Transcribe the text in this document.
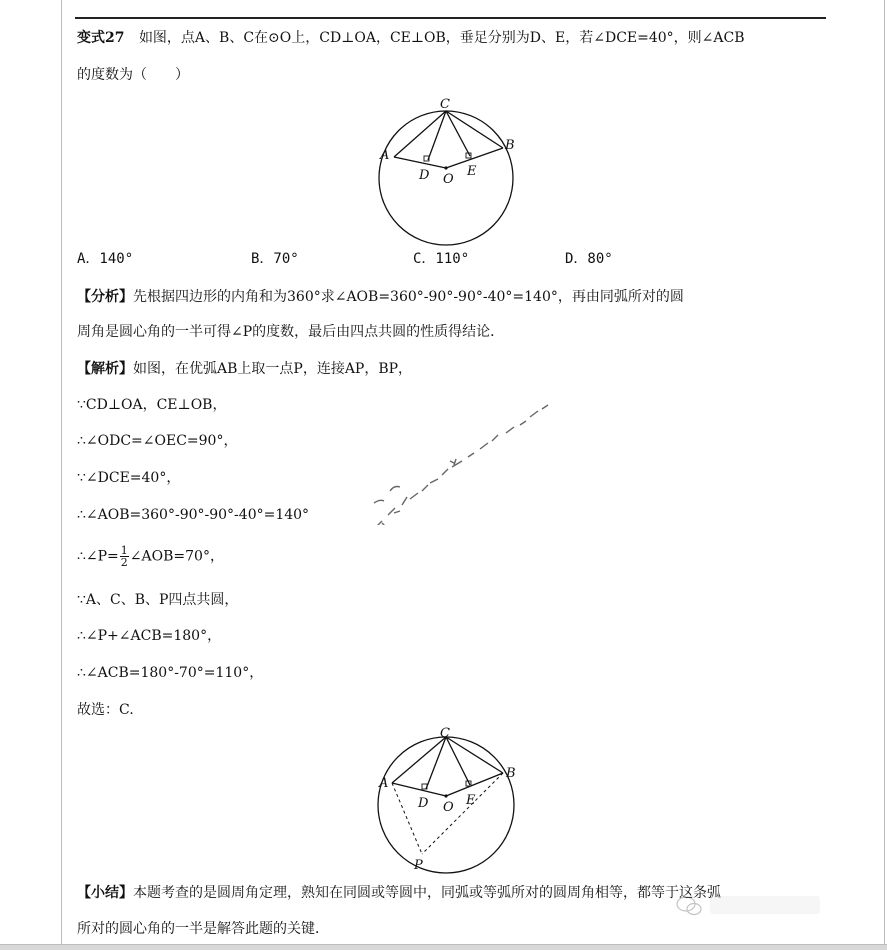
变式27 如图，点A、B、C在⊙O上，CD⊥OA，CE⊥OB，垂足分别为D、E，若∠DCE=40°，则∠ACB
的度数为（　　）
C
A
B
D O
E
A．140°	B．70°	C．110°	D．80°
【分析】先根据四边形的内角和为360°求∠AOB=360°-90°-90°-40°=140°，再由同弧所对的圆
周角是圆心角的一半可得∠P的度数，最后由四点共圆的性质得结论．
【解析】如图，在优弧AB上取一点P，连接AP，BP，
∵CD⊥OA，CE⊥OB，
∴∠ODC=∠OEC=90°，
∵∠DCE=40°，
∴∠AOB=360°-90°-90°-40°=140°
∴∠P= $\frac{1}{2}$ ∠AOB=70°，
∵A、C、B、P四点共圆，
∴∠P+∠ACB=180°，
∴∠ACB=180°-70°=110°，
故选：C.
C
A
B
D O E
P
【小结】本题考查的是圆周角定理，熟知在同圆或等圆中，同弧或等弧所对的圆周角相等，都等于这条弧
所对的圆心角的一半是解答此题的关键．
